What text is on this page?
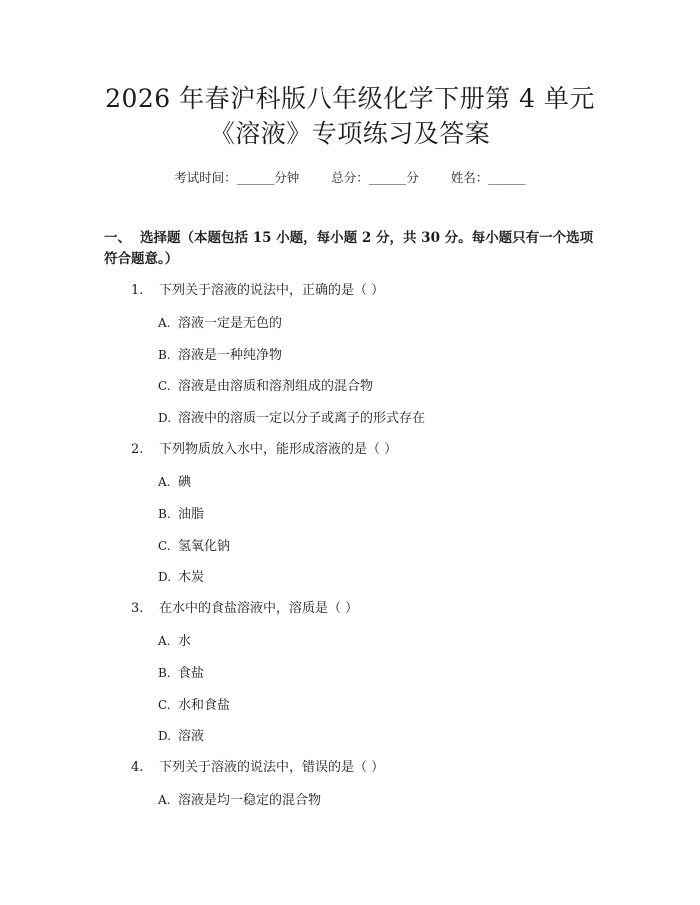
2026 年春沪科版八年级化学下册第 4 单元
《溶液》专项练习及答案
考试时间：______分钟	总分：______分	姓名：______
一、 选择题（本题包括 15 小题，每小题 2 分，共 30 分。每小题只有一个选项符合题意。）
1. 下列关于溶液的说法中，正确的是（ ）
A. 溶液一定是无色的
B. 溶液是一种纯净物
C. 溶液是由溶质和溶剂组成的混合物
D. 溶液中的溶质一定以分子或离子的形式存在
2. 下列物质放入水中，能形成溶液的是（ ）
A. 碘
B. 油脂
C. 氢氧化钠
D. 木炭
3. 在水中的食盐溶液中，溶质是（ ）
A. 水
B. 食盐
C. 水和食盐
D. 溶液
4. 下列关于溶液的说法中，错误的是（ ）
A. 溶液是均一稳定的混合物
